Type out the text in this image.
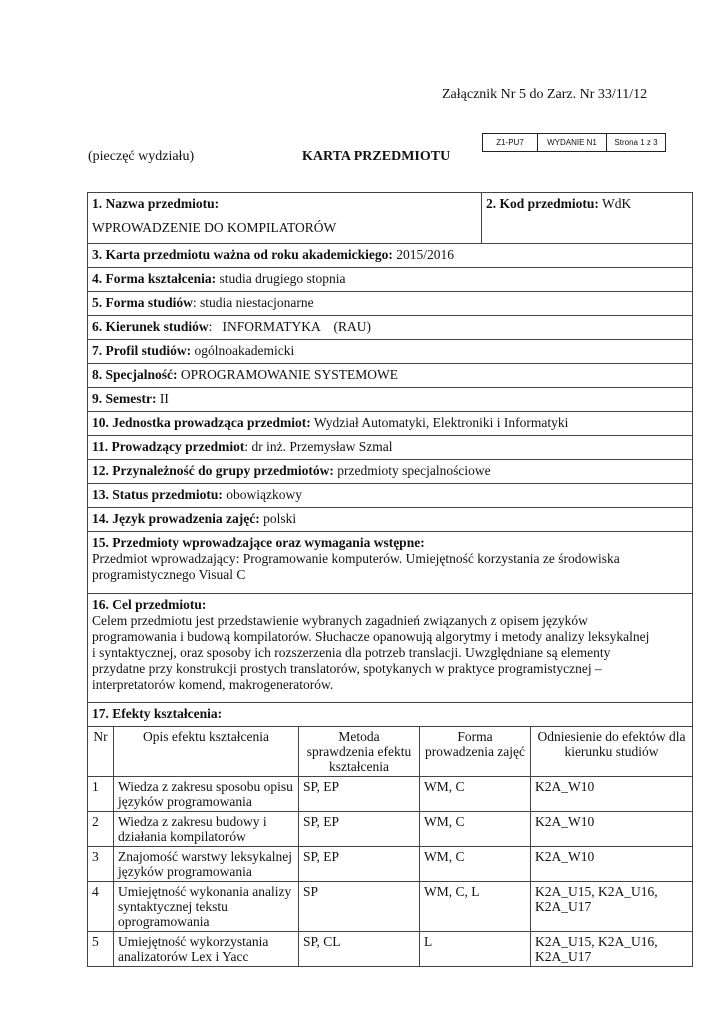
Załącznik Nr 5 do Zarz. Nr 33/11/12
Z1-PU7	WYDANIE N1	Strona 1 z 3
(pieczęć wydziału)	KARTA PRZEDMIOTU
1. Nazwa przedmiotu:
WPROWADZENIE DO KOMPILATORÓW
2. Kod przedmiotu: WdK
3. Karta przedmiotu ważna od roku akademickiego: 2015/2016
4. Forma kształcenia: studia drugiego stopnia
5. Forma studiów: studia niestacjonarne
6. Kierunek studiów:   INFORMATYKA    (RAU)
7. Profil studiów: ogólnoakademicki
8. Specjalność: OPROGRAMOWANIE SYSTEMOWE
9. Semestr: II
10. Jednostka prowadząca przedmiot: Wydział Automatyki, Elektroniki i Informatyki
11. Prowadzący przedmiot: dr inż. Przemysław Szmal
12. Przynależność do grupy przedmiotów: przedmioty specjalnościowe
13. Status przedmiotu: obowiązkowy
14. Język prowadzenia zajęć: polski
15. Przedmioty wprowadzające oraz wymagania wstępne:
Przedmiot wprowadzający: Programowanie komputerów. Umiejętność korzystania ze środowiska
programistycznego Visual C
16. Cel przedmiotu:
Celem przedmiotu jest przedstawienie wybranych zagadnień związanych z opisem języków
programowania i budową kompilatorów. Słuchacze opanowują algorytmy i metody analizy leksykalnej
i syntaktycznej, oraz sposoby ich rozszerzenia dla potrzeb translacji. Uwzględniane są elementy
przydatne przy konstrukcji prostych translatorów, spotykanych w praktyce programistycznej –
interpretatorów komend, makrogeneratorów.
17. Efekty kształcenia:
Nr	Opis efektu kształcenia	Metoda sprawdzenia efektu kształcenia	Forma prowadzenia zajęć	Odniesienie do efektów dla kierunku studiów
1	Wiedza z zakresu sposobu opisu języków programowania	SP, EP	WM, C	K2A_W10
2	Wiedza z zakresu budowy i działania kompilatorów	SP, EP	WM, C	K2A_W10
3	Znajomość warstwy leksykalnej języków programowania	SP, EP	WM, C	K2A_W10
4	Umiejętność wykonania analizy syntaktycznej tekstu oprogramowania	SP	WM, C, L	K2A_U15, K2A_U16, K2A_U17
5	Umiejętność wykorzystania analizatorów Lex i Yacc	SP, CL	L	K2A_U15, K2A_U16, K2A_U17
